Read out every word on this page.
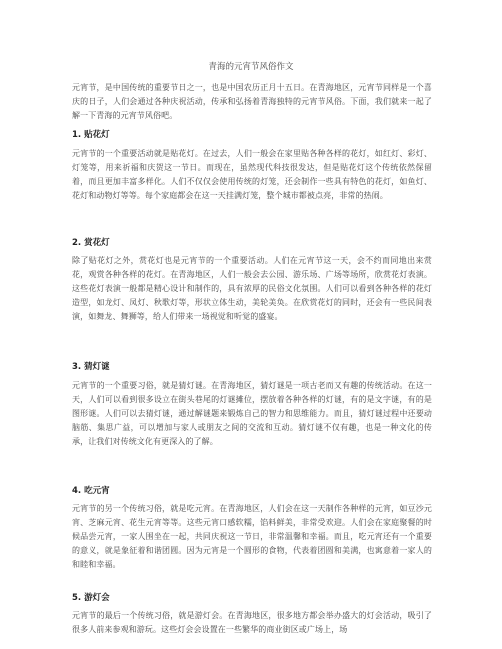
青海的元宵节风俗作文
元宵节，是中国传统的重要节日之一，也是中国农历正月十五日。在青海地区，元宵节同样是一个喜庆的日子，人们会通过各种庆祝活动，传承和弘扬着青海独特的元宵节风俗。下面，我们就来一起了解一下青海的元宵节风俗吧。
1. 贴花灯
元宵节的一个重要活动就是贴花灯。在过去，人们一般会在家里贴各种各样的花灯，如红灯、彩灯、灯笼等，用来祈福和庆贺这一节日。而现在，虽然现代科技很发达，但是贴花灯这个传统依然保留着，而且更加丰富多样化。人们不仅仅会使用传统的灯笼，还会制作一些具有特色的花灯，如鱼灯、花灯和动物灯等等。每个家庭都会在这一天挂满灯笼，整个城市都被点亮，非常的热闹。
2. 赏花灯
除了贴花灯之外，赏花灯也是元宵节的一个重要活动。人们在元宵节这一天，会不约而同地出来赏花，观赏各种各样的花灯。在青海地区，人们一般会去公园、游乐场、广场等场所，欣赏花灯表演。这些花灯表演一般都是精心设计和制作的，具有浓厚的民俗文化氛围。人们可以看到各种各样的花灯造型，如龙灯、凤灯、秋歌灯等，形状立体生动，美轮美奂。在欣赏花灯的同时，还会有一些民间表演，如舞龙、舞狮等，给人们带来一场视觉和听觉的盛宴。
3. 猜灯谜
元宵节的一个重要习俗，就是猜灯谜。在青海地区，猜灯谜是一项古老而又有趣的传统活动。在这一天，人们可以看到很多设立在街头巷尾的灯谜摊位，摆放着各种各样的灯谜，有的是文字谜，有的是图形谜。人们可以去猜灯谜，通过解谜题来锻炼自己的智力和思维能力。而且，猜灯谜过程中还要动脑筋、集思广益，可以增加与家人或朋友之间的交流和互动。猜灯谜不仅有趣，也是一种文化的传承，让我们对传统文化有更深入的了解。
4. 吃元宵
元宵节的另一个传统习俗，就是吃元宵。在青海地区，人们会在这一天制作各种样的元宵，如豆沙元宵、芝麻元宵、花生元宵等等。这些元宵口感软糯，馅料鲜美，非常受欢迎。人们会在家庭聚餐的时候品尝元宵，一家人围坐在一起，共同庆祝这一节日，非常温馨和幸福。而且，吃元宵还有一个重要的意义，就是象征着和谐团圆。因为元宵是一个圆形的食物，代表着团圆和美满，也寓意着一家人的和睦和幸福。
5. 游灯会
元宵节的最后一个传统习俗，就是游灯会。在青海地区，很多地方都会举办盛大的灯会活动，吸引了很多人前来参观和游玩。这些灯会会设置在一些繁华的商业街区或广场上，场
